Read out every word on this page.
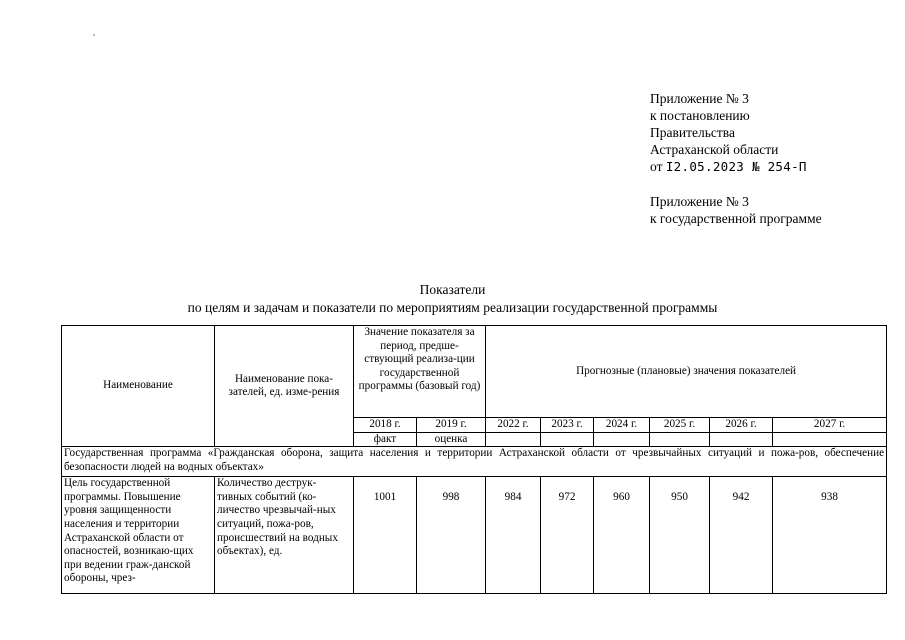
Приложение № 3
к постановлению
Правительства
Астраханской области
от I2.05.2023 № 254-П
Приложение № 3
к государственной программе
Показатели
по целям и задачам и показатели по мероприятиям реализации государственной программы
Наименование	Наименование пока-зателей, ед. изме-рения	Значение показателя за период, предше-ствующий реализа-ции государственной программы (базовый год)		Прогнозные (плановые) значения показателей					
		2018 г.	2019 г.	2022 г.	2023 г.	2024 г.	2025 г.	2026 г.	2027 г.
		факт	оценка						
Государственная программа «Гражданская оборона, защита населения и территории Астраханской области от чрезвычайных ситуаций и пожа-ров, обеспечение безопасности людей на водных объектах»									
Цель государственной программы. Повышение уровня защищенности населения и территории Астраханской области от опасностей, возникаю-щих при ведении граж-данской обороны, чрез-	Количество деструк-тивных событий (ко-личество чрезвычай-ных ситуаций, пожа-ров, происшествий на водных объектах), ед.	1001	998	984	972	960	950	942	938
